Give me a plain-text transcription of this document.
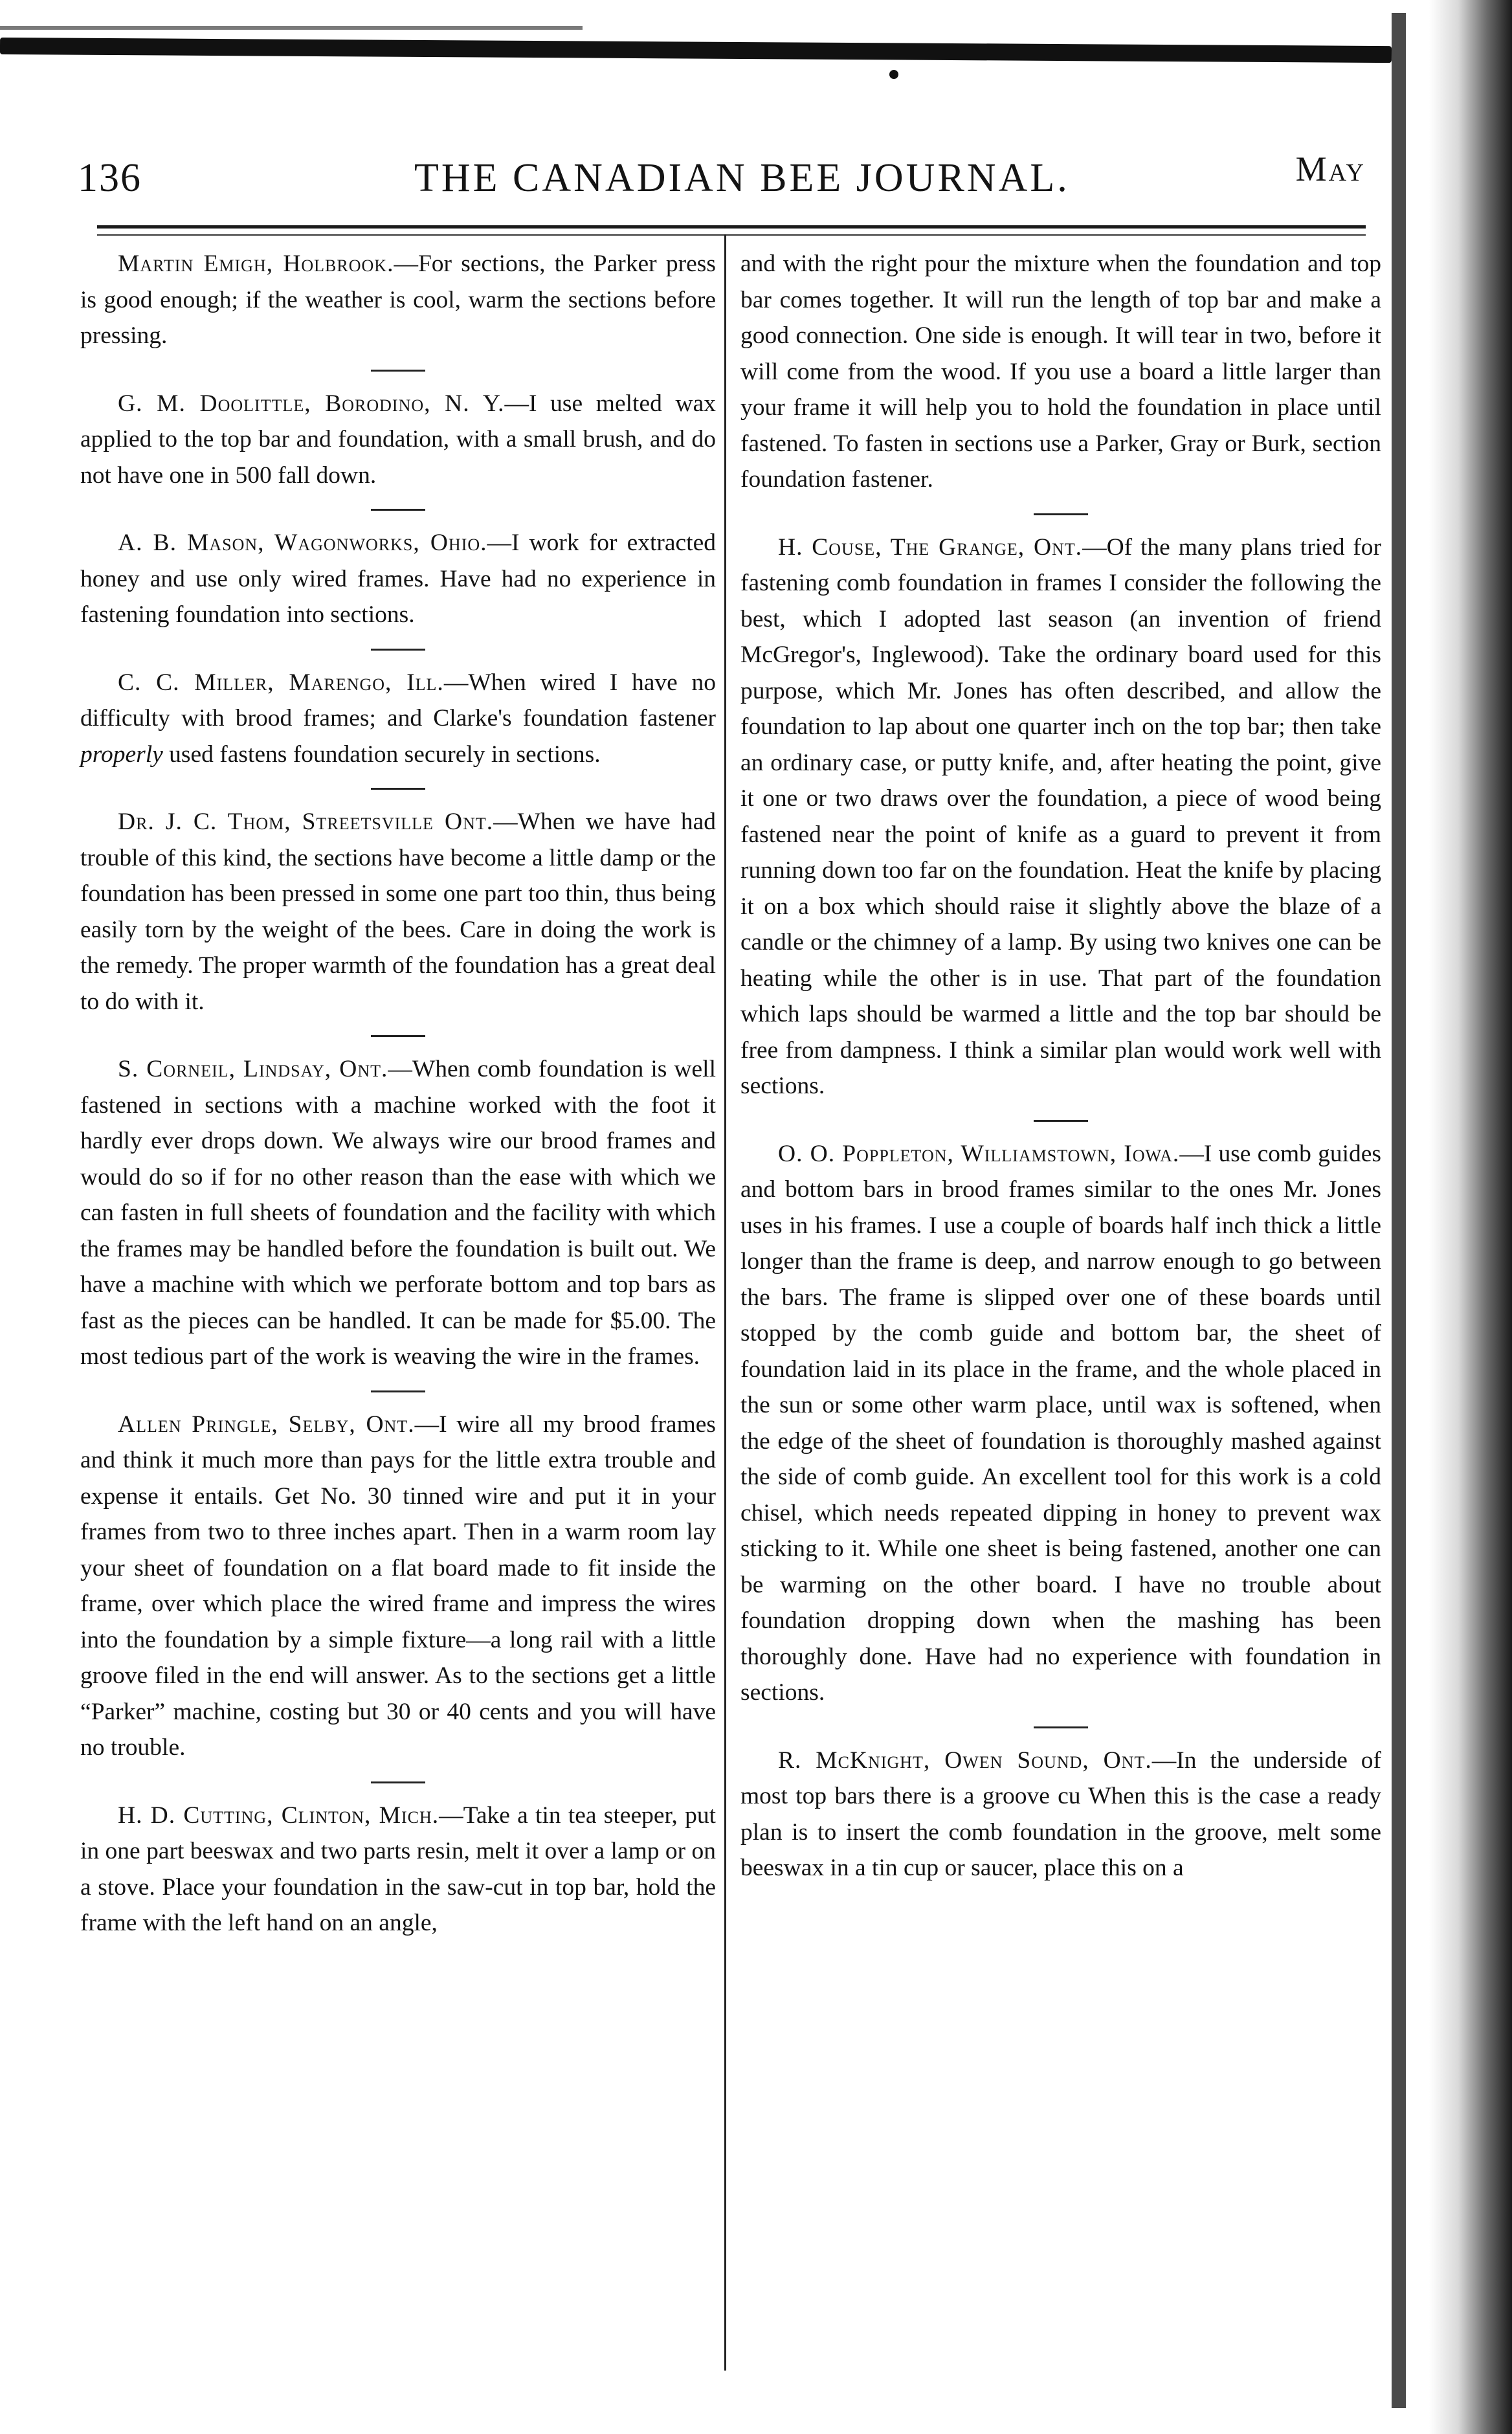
136	THE CANADIAN BEE JOURNAL.	May

Martin Emigh, Holbrook.—For sections, the Parker press is good enough; if the weather is cool, warm the sections before pressing.

G. M. Doolittle, Borodino, N. Y.—I use melted wax applied to the top bar and foundation, with a small brush, and do not have one in 500 fall down.

A. B. Mason, Wagonworks, Ohio.—I work for extracted honey and use only wired frames. Have had no experience in fastening foundation into sections.

C. C. Miller, Marengo, Ill.—When wired I have no difficulty with brood frames; and Clarke's foundation fastener properly used fastens foundation securely in sections.

Dr. J. C. Thom, Streetsville Ont.—When we have had trouble of this kind, the sections have become a little damp or the foundation has been pressed in some one part too thin, thus being easily torn by the weight of the bees. Care in doing the work is the remedy. The proper warmth of the foundation has a great deal to do with it.

S. Corneil, Lindsay, Ont.—When comb foundation is well fastened in sections with a machine worked with the foot it hardly ever drops down. We always wire our brood frames and would do so if for no other reason than the ease with which we can fasten in full sheets of foundation and the facility with which the frames may be handled before the foundation is built out. We have a machine with which we perforate bottom and top bars as fast as the pieces can be handled. It can be made for $5.00. The most tedious part of the work is weaving the wire in the frames.

Allen Pringle, Selby, Ont.—I wire all my brood frames and think it much more than pays for the little extra trouble and expense it entails. Get No. 30 tinned wire and put it in your frames from two to three inches apart. Then in a warm room lay your sheet of foundation on a flat board made to fit inside the frame, over which place the wired frame and impress the wires into the foundation by a simple fixture—a long rail with a little groove filed in the end will answer. As to the sections get a little “Parker” machine, costing but 30 or 40 cents and you will have no trouble.

H. D. Cutting, Clinton, Mich.—Take a tin tea steeper, put in one part beeswax and two parts resin, melt it over a lamp or on a stove. Place your foundation in the saw-cut in top bar, hold the frame with the left hand on an angle,

and with the right pour the mixture when the foundation and top bar comes together. It will run the length of top bar and make a good connection. One side is enough. It will tear in two, before it will come from the wood. If you use a board a little larger than your frame it will help you to hold the foundation in place until fastened. To fasten in sections use a Parker, Gray or Burk, section foundation fastener.

H. Couse, The Grange, Ont.—Of the many plans tried for fastening comb foundation in frames I consider the following the best, which I adopted last season (an invention of friend McGregor's, Inglewood). Take the ordinary board used for this purpose, which Mr. Jones has often described, and allow the foundation to lap about one quarter inch on the top bar; then take an ordinary case, or putty knife, and, after heating the point, give it one or two draws over the foundation, a piece of wood being fastened near the point of knife as a guard to prevent it from running down too far on the foundation. Heat the knife by placing it on a box which should raise it slightly above the blaze of a candle or the chimney of a lamp. By using two knives one can be heating while the other is in use. That part of the foundation which laps should be warmed a little and the top bar should be free from dampness. I think a similar plan would work well with sections.

O. O. Poppleton, Williamstown, Iowa.—I use comb guides and bottom bars in brood frames similar to the ones Mr. Jones uses in his frames. I use a couple of boards half inch thick a little longer than the frame is deep, and narrow enough to go between the bars. The frame is slipped over one of these boards until stopped by the comb guide and bottom bar, the sheet of foundation laid in its place in the frame, and the whole placed in the sun or some other warm place, until wax is softened, when the edge of the sheet of foundation is thoroughly mashed against the side of comb guide. An excellent tool for this work is a cold chisel, which needs repeated dipping in honey to prevent wax sticking to it. While one sheet is being fastened, another one can be warming on the other board. I have no trouble about foundation dropping down when the mashing has been thoroughly done. Have had no experience with foundation in sections.

R. McKnight, Owen Sound, Ont.—In the underside of most top bars there is a groove cu When this is the case a ready plan is to insert the comb foundation in the groove, melt some beeswax in a tin cup or saucer, place this on a
